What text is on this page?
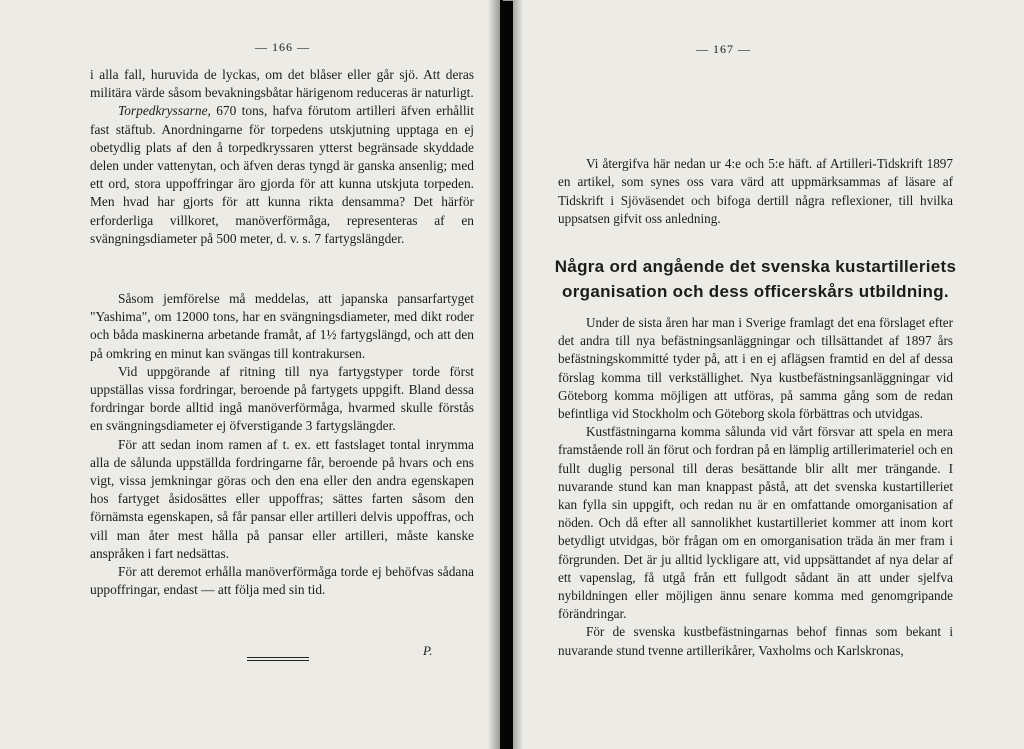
— 166 —

i alla fall, huruvida de lyckas, om det blåser eller går sjö. Att deras militära värde såsom bevakningsbåtar härigenom reduceras är naturligt.

Torpedkryssarne, 670 tons, hafva förutom artilleri äfven erhållit fast stäftub. Anordningarne för torpedens utskjutning upptaga en ej obetydlig plats af den å torpedkryssaren ytterst begränsade skyddade delen under vattenytan, och äfven deras tyngd är ganska ansenlig; med ett ord, stora uppoffringar äro gjorda för att kunna utskjuta torpeden. Men hvad har gjorts för att kunna rikta densamma? Det härför erforderliga villkoret, manöverförmåga, representeras af en svängningsdiameter på 500 meter, d. v. s. 7 fartygslängder.

Såsom jemförelse må meddelas, att japanska pansarfartyget "Yashima", om 12000 tons, har en svängningsdiameter, med dikt roder och båda maskinerna arbetande framåt, af 1½ fartygslängd, och att den på omkring en minut kan svängas till kontrakursen.

Vid uppgörande af ritning till nya fartygstyper torde först uppställas vissa fordringar, beroende på fartygets uppgift. Bland dessa fordringar borde alltid ingå manöverförmåga, hvarmed skulle förstås en svängningsdiameter ej öfverstigande 3 fartygslängder.

För att sedan inom ramen af t. ex. ett fastslaget tontal inrymma alla de sålunda uppställda fordringarne får, beroende på hvars och ens vigt, vissa jemkningar göras och den ena eller den andra egenskapen hos fartyget åsidosättes eller uppoffras; sättes farten såsom den förnämsta egenskapen, så får pansar eller artilleri delvis uppoffras, och vill man åter mest hålla på pansar eller artilleri, måste kanske anspråken i fart nedsättas.

För att deremot erhålla manöverförmåga torde ej behöfvas sådana uppoffringar, endast — att följa med sin tid.

P.
— 167 —
Vi återgifva här nedan ur 4:e och 5:e häft. af Artilleri-Tidskrift 1897 en artikel, som synes oss vara värd att uppmärksammas af läsare af Tidskrift i Sjöväsendet och bifoga dertill några reflexioner, till hvilka uppsatsen gifvit oss anledning.
Några ord angående det svenska kustartilleriets
organisation och dess officerskårs utbildning.

Under de sista åren har man i Sverige framlagt det ena förslaget efter det andra till nya befästningsanläggningar och tillsättandet af 1897 års befästningskommitté tyder på, att i en ej aflägsen framtid en del af dessa förslag komma till verkställighet. Nya kustbefästningsanläggningar vid Göteborg komma möjligen att utföras, på samma gång som de redan befintliga vid Stockholm och Göteborg skola förbättras och utvidgas.

Kustfästningarna komma sålunda vid vårt försvar att spela en mera framstående roll än förut och fordran på en lämplig artillerimateriel och en fullt duglig personal till deras besättande blir allt mer trängande. I nuvarande stund kan man knappast påstå, att det svenska kustartilleriet kan fylla sin uppgift, och redan nu är en omfattande omorganisation af nöden. Och då efter all sannolikhet kustartilleriet kommer att inom kort betydligt utvidgas, bör frågan om en omorganisation träda än mer fram i förgrunden. Det är ju alltid lyckligare att, vid uppsättandet af nya delar af ett vapenslag, få utgå från ett fullgodt sådant än att under sjelfva nybildningen eller möjligen ännu senare komma med genomgripande förändringar.

För de svenska kustbefästningarnas behof finnas som bekant i nuvarande stund tvenne artillerikårer, Vaxholms och Karlskronas,
